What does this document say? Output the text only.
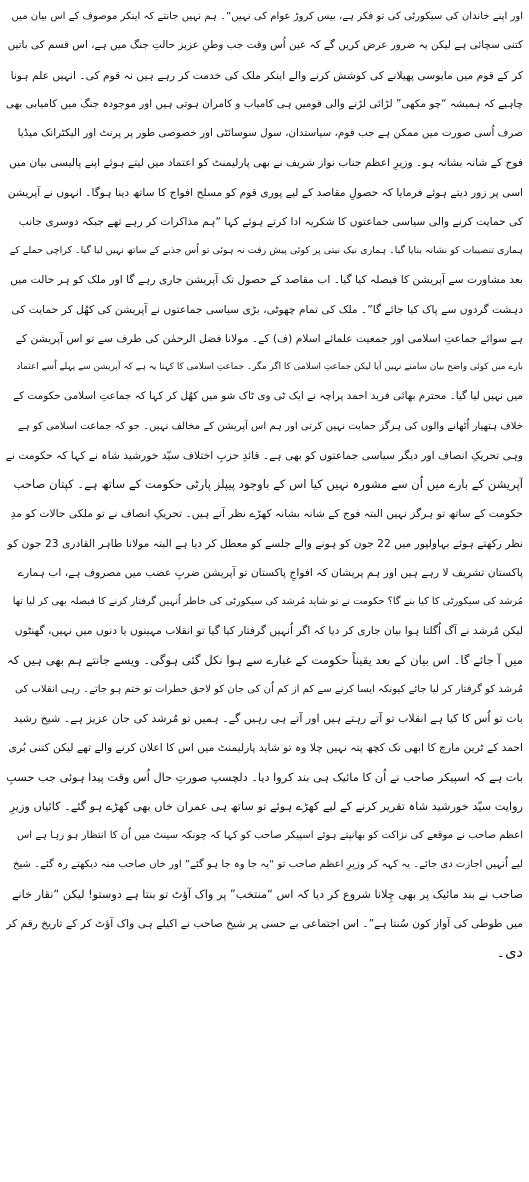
اور اپنے خاندان کی سیکورٹی کی تو فکر ہے، بیس کروڑ عوام کی نہیں”۔ ہم نہیں جانتے کہ اینکر موصوف کے اس بیان میں
کتنی سچائی ہے لیکن یہ ضرور عرض کریں گے کہ عین اُس وقت جب وطنِ عزیز حالتِ جنگ میں ہے، اس قسم کی باتیں
کر کے قوم میں مایوسی پھیلانے کی کوشش کرنے والے اینکر ملک کی خدمت کر رہے ہیں نہ قوم کی۔ انہیں علم ہونا
چاہیے کہ ہمیشہ “چو مکھی” لڑائی لڑنے والی قومیں ہی کامیاب و کامران ہوتی ہیں اور موجودہ جنگ میں کامیابی بھی
صرف اُسی صورت میں ممکن ہے جب قوم، سیاستدان، سول سوسائٹی اور خصوصی طور پر پرنٹ اور الیکٹرانک میڈیا
فوج کے شانہ بشانہ ہو۔ وزیرِ اعظم جناب نواز شریف نے بھی پارلیمنٹ کو اعتماد میں لیتے ہوئے اپنے پالیسی بیان میں
اسی پر زور دیتے ہوئے فرمایا کہ حصولِ مقاصد کے لیے پوری قوم کو مسلح افواج کا ساتھ دینا ہوگا۔ انہوں نے آپریشن
کی حمایت کرنے والی سیاسی جماعتوں کا شکریہ ادا کرتے ہوئے کہا “ہم مذاکرات کر رہے تھے جبکہ دوسری جانب
ہماری تنصیبات کو نشانہ بنایا گیا۔ ہماری نیک نیتی پر کوئی پیش رفت نہ ہوئی تو اُس جذبے کے ساتھ نہیں لیا گیا۔ کراچی حملے کے
بعد مشاورت سے آپریشن کا فیصلہ کیا گیا۔ اب مقاصد کے حصول تک آپریشن جاری رہے گا اور ملک کو ہر حالت میں
دہشت گردوں سے پاک کیا جائے گا”۔ ملک کی تمام چھوٹی، بڑی سیاسی جماعتوں نے آپریشن کی کھُل کر حمایت کی
ہے سوائے جماعتِ اسلامی اور جمعیت علمائے اسلام (ف) کے۔ مولانا فضل الرحمٰن کی طرف سے تو اس آپریشن کے
بارے میں کوئی واضح بیان سامنے نہیں آیا لیکن جماعتِ اسلامی کا اگر مگر۔ جماعتِ اسلامی کا کہنا یہ ہے کہ آپریشن سے پہلے اُسے اعتماد
میں نہیں لیا گیا۔ محترم بھائی فرید احمد پراچہ نے ایک ٹی وی ٹاک شو میں کھُل کر کہا کہ جماعتِ اسلامی حکومت کے
خلاف ہتھیار اُٹھانے والوں کی ہرگز حمایت نہیں کرتی اور ہم اس آپریشن کے مخالف نہیں۔ جو کہ جماعت اسلامی کو ہے
وہی تحریکِ انصاف اور دیگر سیاسی جماعتوں کو بھی ہے۔ قائدِ حزبِ اختلاف سیّد خورشید شاہ نے کہا کہ حکومت نے
آپریشن کے بارے میں اُن سے مشورہ نہیں کیا اس کے باوجود پیپلز پارٹی حکومت کے ساتھ ہے۔ کپتان صاحب
حکومت کے ساتھ تو ہرگز نہیں البتہ فوج کے شانہ بشانہ کھڑے نظر آتے ہیں۔ تحریکِ انصاف نے تو ملکی حالات کو مدِ
نظر رکھتے ہوئے بہاولپور میں 22 جون کو ہونے والے جلسے کو معطل کر دیا ہے البتہ مولانا طاہر القادری 23 جون کو
پاکستان تشریف لا رہے ہیں اور ہم پریشان کہ افواجِ پاکستان تو آپریشن ضربِ عضب میں مصروف ہے، اب ہمارے
مُرشد کی سیکورٹی کا کیا بنے گا؟ حکومت نے تو شاید مُرشد کی سیکورٹی کی خاطر اُنہیں گرفتار کرنے کا فیصلہ بھی کر لیا تھا
لیکن مُرشد نے آگ اُگلتا ہوا بیان جاری کر دیا کہ اگر اُنہیں گرفتار کیا گیا تو انقلاب مہینوں یا دنوں میں نہیں، گھنٹوں
میں آ جائے گا۔ اس بیان کے بعد یقیناً حکومت کے غبارے سے ہوا نکل گئی ہوگی۔ ویسے جانتے ہم بھی ہیں کہ
مُرشد کو گرفتار کر لیا جائے کیونکہ ایسا کرنے سے کم از کم اُن کی جان کو لاحق خطرات تو ختم ہو جاتے۔ رہی انقلاب کی
بات تو اُس کا کیا ہے انقلاب تو آتے رہتے ہیں اور آتے ہی رہیں گے۔ ہمیں تو مُرشد کی جان عزیز ہے۔ شیخ رشید
احمد کے ٹرین مارچ کا ابھی تک کچھ پتہ نہیں چلا وہ تو شاید پارلیمنٹ میں اس کا اعلان کرنے والے تھے لیکن کتنی بُری
بات ہے کہ اسپیکر صاحب نے اُن کا مائیک ہی بند کروا دیا۔ دلچسپ صورتِ حال اُس وقت پیدا ہوئی جب حسبِ
روایت سیّد خورشید شاہ تقریر کرنے کے لیے کھڑے ہوئے تو ساتھ ہی عمران خاں بھی کھڑے ہو گئے۔ کائیاں وزیرِ
اعظم صاحب نے موقعے کی نزاکت کو بھانپتے ہوئے اسپیکر صاحب کو کہا کہ چونکہ سینٹ میں اُن کا انتظار ہو رہا ہے اس
لیے اُنہیں اجازت دی جائے۔ یہ کہہ کر وزیرِ اعظم صاحب تو “یہ جا وہ جا ہو گئے” اور خاں صاحب منہ دیکھتے رہ گئے۔ شیخ
صاحب نے بند مائیک پر بھی چِلانا شروع کر دیا کہ اس “منتخب” پر واک آؤٹ تو بنتا ہے دوستو! لیکن “نقار خانے
میں طوطی کی آواز کون سُنتا ہے”۔ اس اجتماعی بے حسی پر شیخ صاحب نے اکیلے ہی واک آؤٹ کر کے تاریخ رقم کر
دی۔
